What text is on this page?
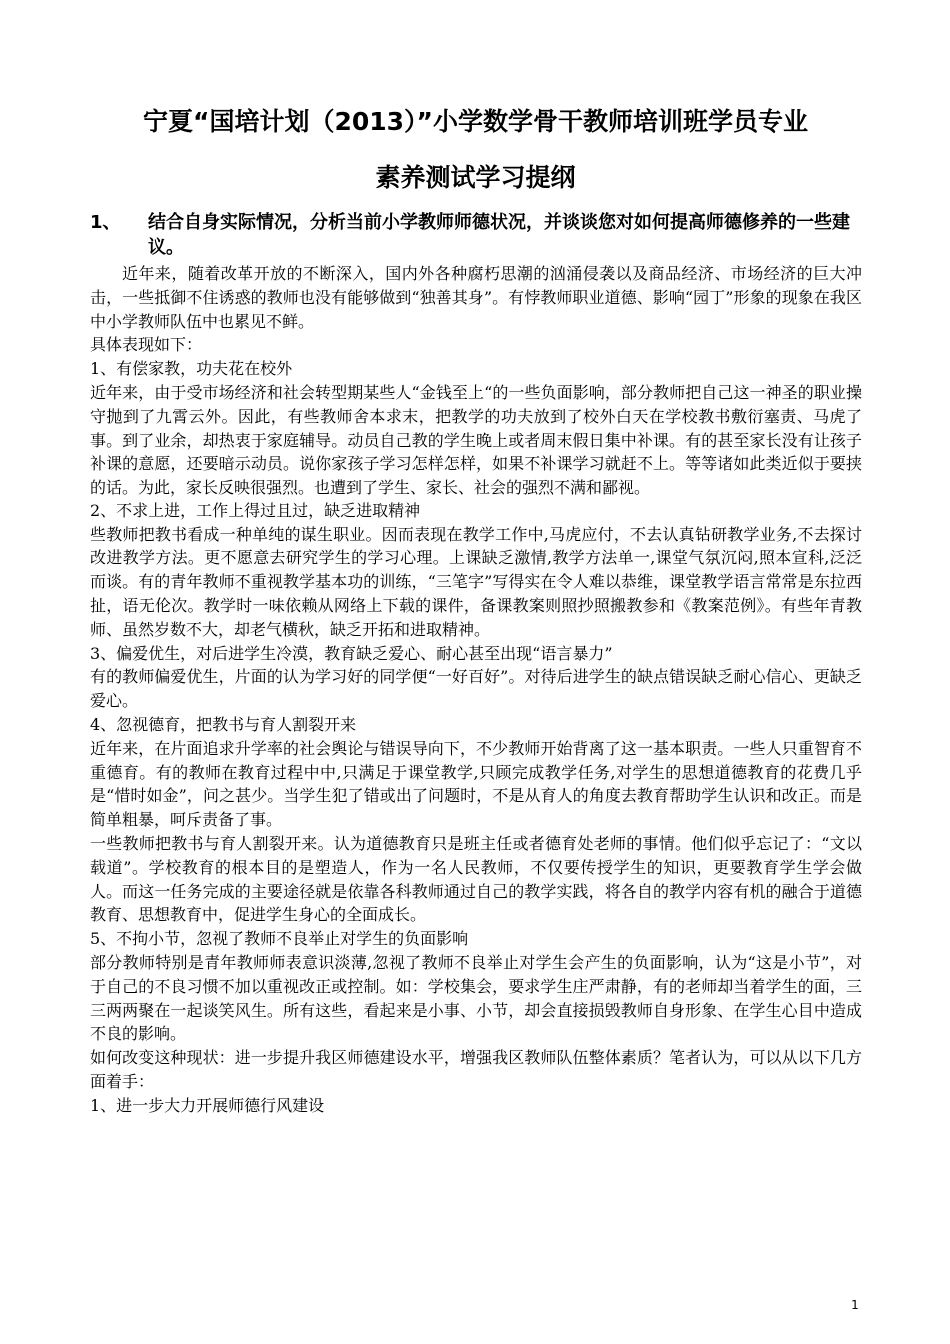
宁夏“国培计划（2013）”小学数学骨干教师培训班学员专业
素养测试学习提纲
1、 结合自身实际情况，分析当前小学教师师德状况，并谈谈您对如何提高师德修养的一些建议。

近年来，随着改革开放的不断深入，国内外各种腐朽思潮的汹涌侵袭以及商品经济、市场经济的巨大冲击，一些抵御不住诱惑的教师也没有能够做到“独善其身”。有悖教师职业道德、影响“园丁”形象的现象在我区中小学教师队伍中也累见不鲜。

具体表现如下：

1、有偿家教，功夫花在校外

近年来，由于受市场经济和社会转型期某些人“金钱至上“的一些负面影响，部分教师把自己这一神圣的职业操守抛到了九霄云外。因此，有些教师舍本求末，把教学的功夫放到了校外白天在学校教书敷衍塞责、马虎了事。到了业余，却热衷于家庭辅导。动员自己教的学生晚上或者周末假日集中补课。有的甚至家长没有让孩子补课的意愿，还要暗示动员。说你家孩子学习怎样怎样，如果不补课学习就赶不上。等等诸如此类近似于要挟的话。为此，家长反映很强烈。也遭到了学生、家长、社会的强烈不满和鄙视。

2、不求上进，工作上得过且过，缺乏进取精神

些教师把教书看成一种单纯的谋生职业。因而表现在教学工作中,马虎应付，不去认真钻研教学业务,不去探讨改进教学方法。更不愿意去研究学生的学习心理。上课缺乏激情,教学方法单一,课堂气氛沉闷,照本宣科,泛泛而谈。有的青年教师不重视教学基本功的训练，“三笔字”写得实在令人难以恭维，课堂教学语言常常是东拉西扯，语无伦次。教学时一味依赖从网络上下载的课件，备课教案则照抄照搬教参和《教案范例》。有些年青教师、虽然岁数不大，却老气横秋，缺乏开拓和进取精神。

3、偏爱优生，对后进学生冷漠，教育缺乏爱心、耐心甚至出现“语言暴力”

有的教师偏爱优生，片面的认为学习好的同学便“一好百好”。对待后进学生的缺点错误缺乏耐心信心、更缺乏爱心。

4、忽视德育，把教书与育人割裂开来

近年来，在片面追求升学率的社会舆论与错误导向下，不少教师开始背离了这一基本职责。一些人只重智育不重德育。有的教师在教育过程中中,只满足于课堂教学,只顾完成教学任务,对学生的思想道德教育的花费几乎是“惜时如金”，问之甚少。当学生犯了错或出了问题时，不是从育人的角度去教育帮助学生认识和改正。而是简单粗暴，呵斥责备了事。

一些教师把教书与育人割裂开来。认为道德教育只是班主任或者德育处老师的事情。他们似乎忘记了：“文以载道”。学校教育的根本目的是塑造人，作为一名人民教师，不仅要传授学生的知识，更要教育学生学会做人。而这一任务完成的主要途径就是依靠各科教师通过自己的教学实践，将各自的教学内容有机的融合于道德教育、思想教育中，促进学生身心的全面成长。

5、不拘小节，忽视了教师不良举止对学生的负面影响

部分教师特别是青年教师师表意识淡薄,忽视了教师不良举止对学生会产生的负面影响，认为“这是小节”，对于自己的不良习惯不加以重视改正或控制。如：学校集会，要求学生庄严肃静，有的老师却当着学生的面，三三两两聚在一起谈笑风生。所有这些，看起来是小事、小节，却会直接损毁教师自身形象、在学生心目中造成不良的影响。

如何改变这种现状：进一步提升我区师德建设水平，增强我区教师队伍整体素质？笔者认为，可以从以下几方面着手：

1、进一步大力开展师德行风建设

1
